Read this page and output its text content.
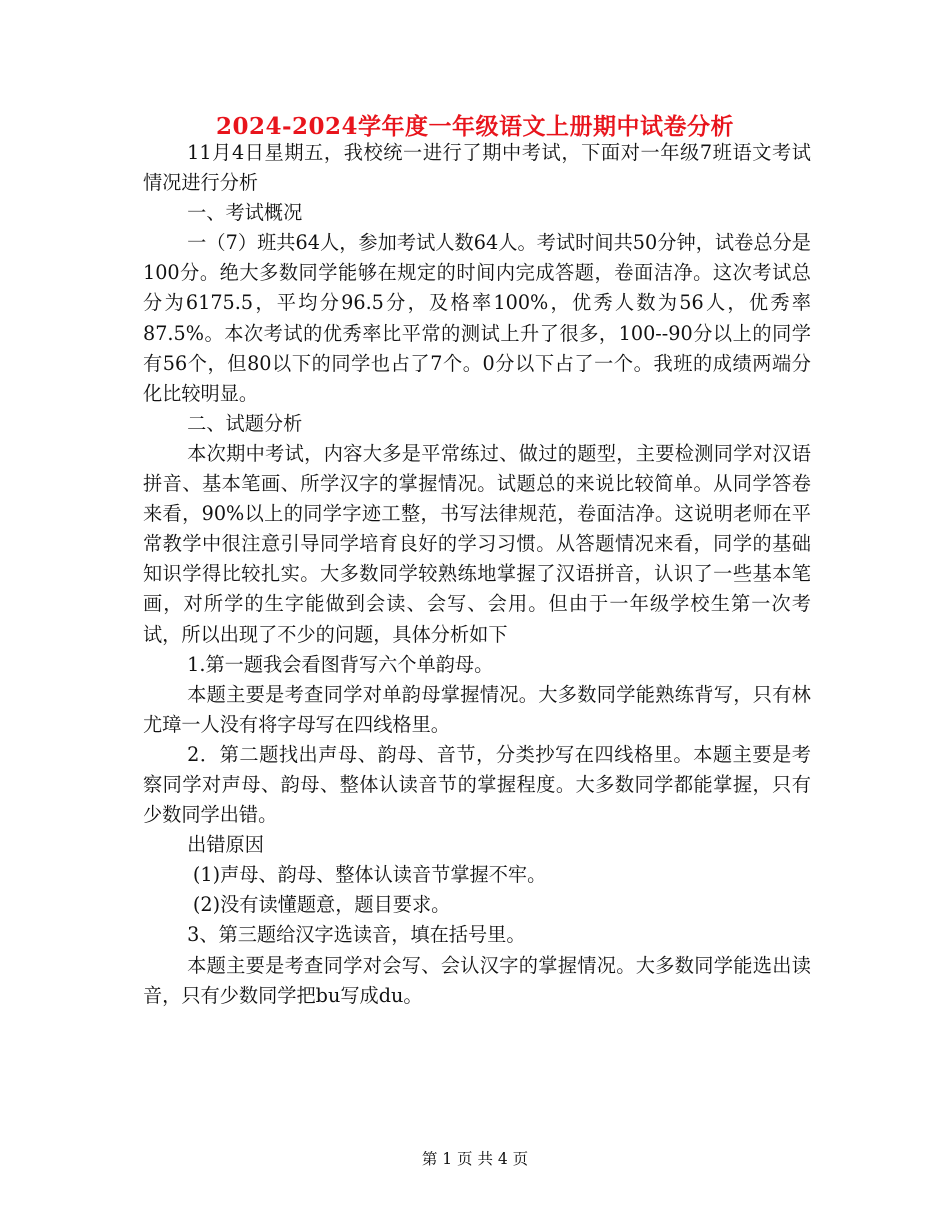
2024-2024学年度一年级语文上册期中试卷分析

11月4日星期五，我校统一进行了期中考试，下面对一年级7班语文考试情况进行分析

一、考试概况

一（7）班共64人，参加考试人数64人。考试时间共50分钟，试卷总分是100分。绝大多数同学能够在规定的时间内完成答题，卷面洁净。这次考试总分为6175.5，平均分96.5分，及格率100%，优秀人数为56人，优秀率87.5%。本次考试的优秀率比平常的测试上升了很多，100--90分以上的同学有56个，但80以下的同学也占了7个。0分以下占了一个。我班的成绩两端分化比较明显。

二、试题分析

本次期中考试，内容大多是平常练过、做过的题型，主要检测同学对汉语拼音、基本笔画、所学汉字的掌握情况。试题总的来说比较简单。从同学答卷来看，90%以上的同学字迹工整，书写法律规范，卷面洁净。这说明老师在平常教学中很注意引导同学培育良好的学习习惯。从答题情况来看，同学的基础知识学得比较扎实。大多数同学较熟练地掌握了汉语拼音，认识了一些基本笔画，对所学的生字能做到会读、会写、会用。但由于一年级学校生第一次考试，所以出现了不少的问题，具体分析如下

1.第一题我会看图背写六个单韵母。

本题主要是考查同学对单韵母掌握情况。大多数同学能熟练背写，只有林尤璋一人没有将字母写在四线格里。

2．第二题找出声母、韵母、音节，分类抄写在四线格里。本题主要是考察同学对声母、韵母、整体认读音节的掌握程度。大多数同学都能掌握，只有少数同学出错。

出错原因

(1)声母、韵母、整体认读音节掌握不牢。

(2)没有读懂题意，题目要求。

3、第三题给汉字选读音，填在括号里。

本题主要是考查同学对会写、会认汉字的掌握情况。大多数同学能选出读音，只有少数同学把bu写成du。

第 1 页 共 4 页
